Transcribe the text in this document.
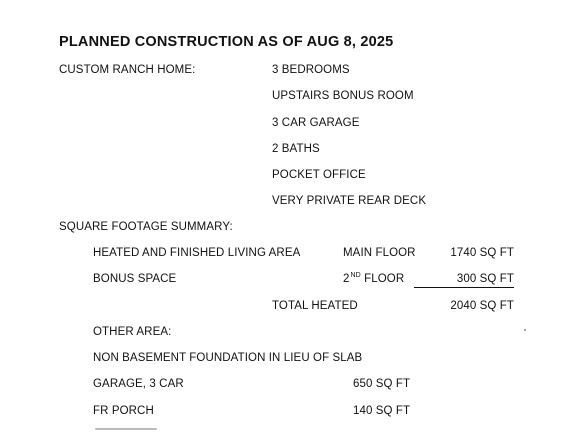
PLANNED CONSTRUCTION AS OF AUG 8, 2025
CUSTOM RANCH HOME:	3 BEDROOMS
UPSTAIRS BONUS ROOM
3 CAR GARAGE
2 BATHS
POCKET OFFICE
VERY PRIVATE REAR DECK
SQUARE FOOTAGE SUMMARY:
HEATED AND FINISHED LIVING AREA	MAIN FLOOR	1740 SQ FT
BONUS SPACE	2ND FLOOR	300 SQ FT
TOTAL HEATED	2040 SQ FT
OTHER AREA:
NON BASEMENT FOUNDATION IN LIEU OF SLAB
GARAGE, 3 CAR	650 SQ FT
FR PORCH	140 SQ FT
